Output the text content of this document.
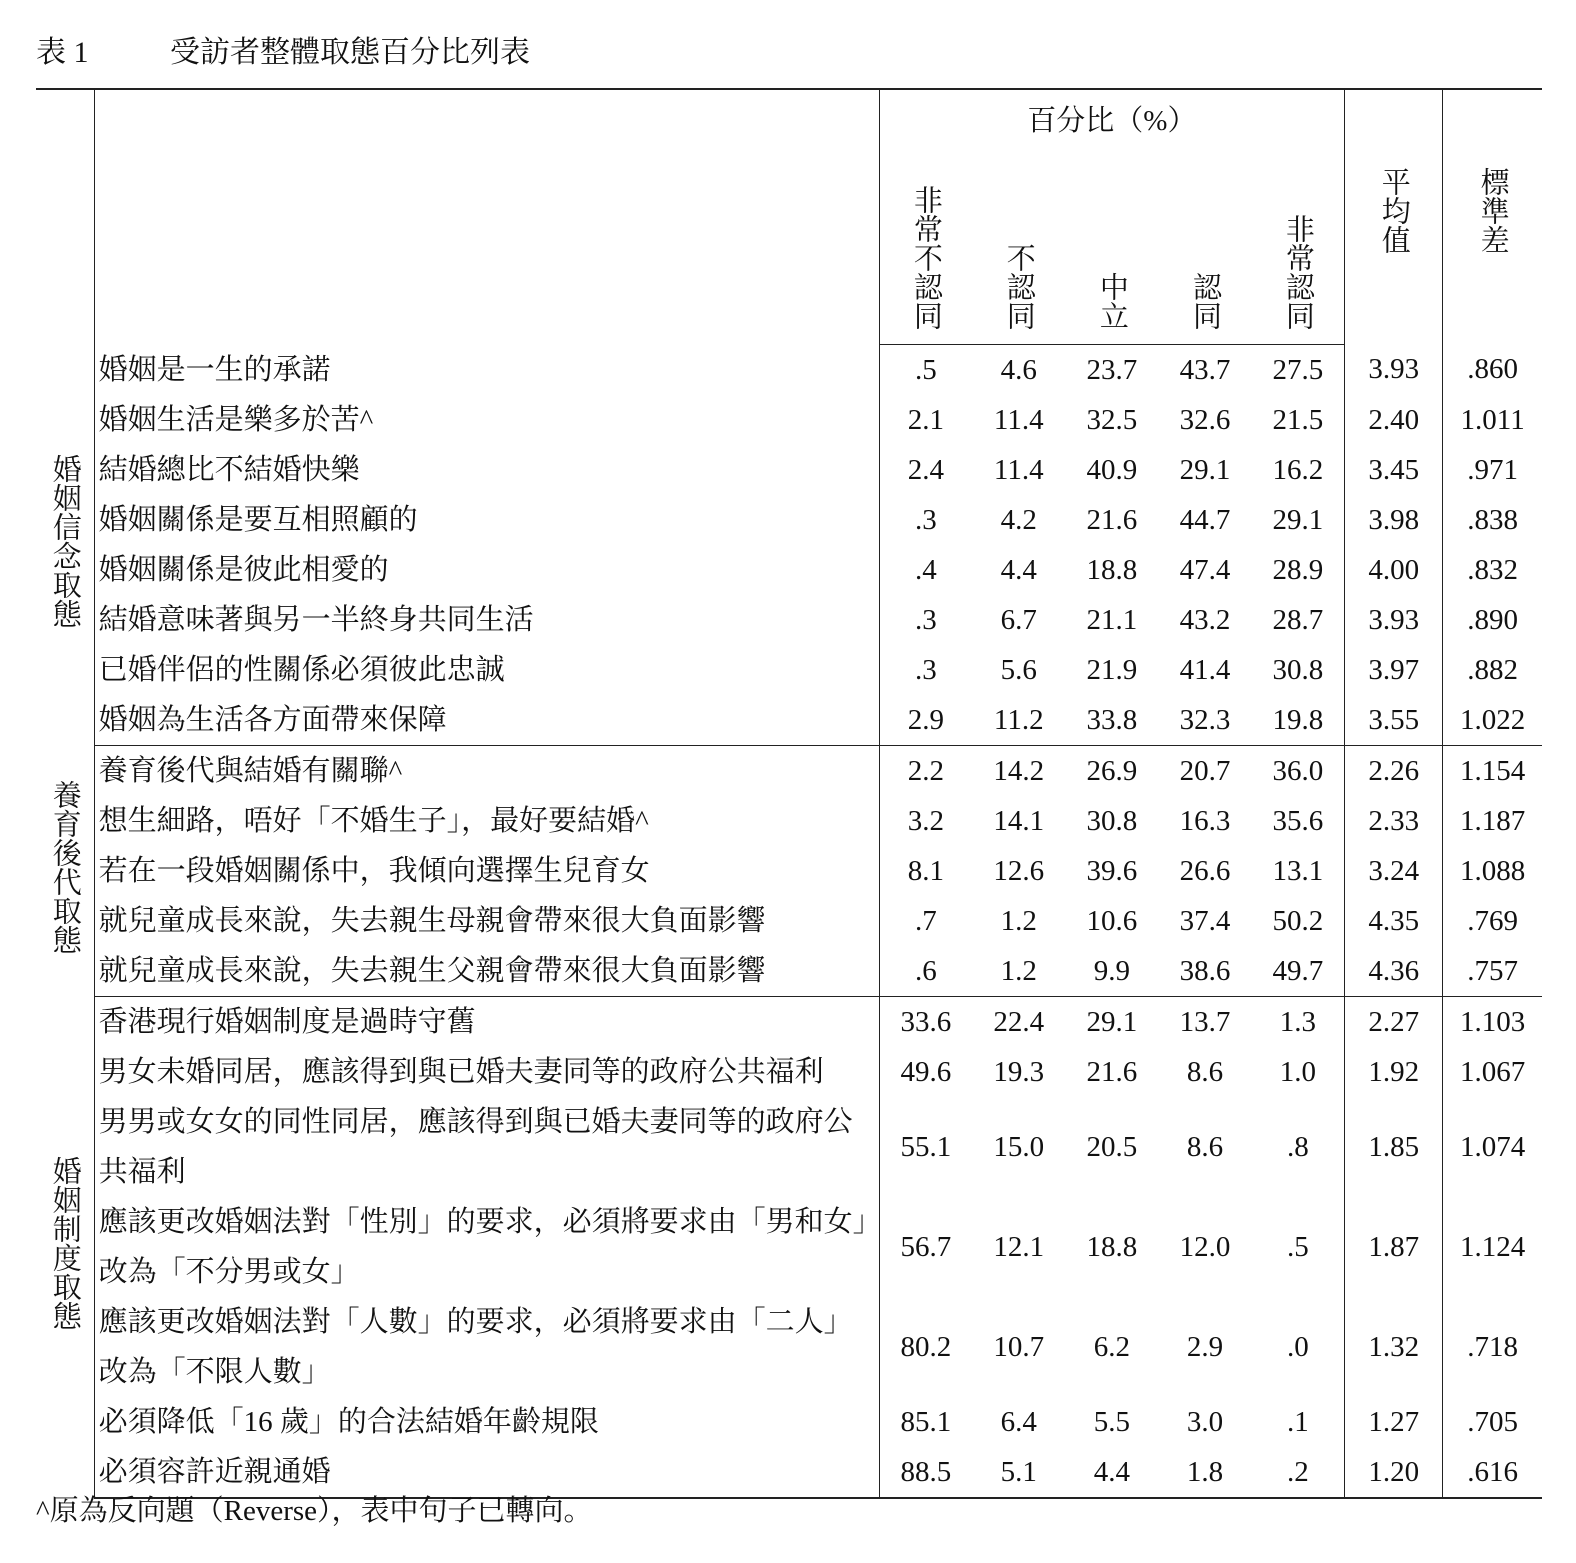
表 1	受訪者整體取態百分比列表
		百分比（%）					平均值	標準差

		非常不認同	不認同	中立	認同	非常認同		

婚姻信念取態	婚姻是一生的承諾	.5	4.6	23.7	43.7	27.5	3.93	.860
	婚姻生活是樂多於苦^	2.1	11.4	32.5	32.6	21.5	2.40	1.011
	結婚總比不結婚快樂	2.4	11.4	40.9	29.1	16.2	3.45	.971
	婚姻關係是要互相照顧的	.3	4.2	21.6	44.7	29.1	3.98	.838
	婚姻關係是彼此相愛的	.4	4.4	18.8	47.4	28.9	4.00	.832
	結婚意味著與另一半終身共同生活	.3	6.7	21.1	43.2	28.7	3.93	.890
	已婚伴侶的性關係必須彼此忠誠	.3	5.6	21.9	41.4	30.8	3.97	.882
	婚姻為生活各方面帶來保障	2.9	11.2	33.8	32.3	19.8	3.55	1.022
養育後代取態	養育後代與結婚有關聯^	2.2	14.2	26.9	20.7	36.0	2.26	1.154
	想生細路，唔好「不婚生子」，最好要結婚^	3.2	14.1	30.8	16.3	35.6	2.33	1.187
	若在一段婚姻關係中，我傾向選擇生兒育女	8.1	12.6	39.6	26.6	13.1	3.24	1.088
	就兒童成長來說，失去親生母親會帶來很大負面影響	.7	1.2	10.6	37.4	50.2	4.35	.769
	就兒童成長來說，失去親生父親會帶來很大負面影響	.6	1.2	9.9	38.6	49.7	4.36	.757
婚姻制度取態	香港現行婚姻制度是過時守舊	33.6	22.4	29.1	13.7	1.3	2.27	1.103
	男女未婚同居，應該得到與已婚夫妻同等的政府公共福利	49.6	19.3	21.6	8.6	1.0	1.92	1.067
	男男或女女的同性同居，應該得到與已婚夫妻同等的政府公共福利	55.1	15.0	20.5	8.6	.8	1.85	1.074
	應該更改婚姻法對「性別」的要求，必須將要求由「男和女」改為「不分男或女」	56.7	12.1	18.8	12.0	.5	1.87	1.124
	應該更改婚姻法對「人數」的要求，必須將要求由「二人」改為「不限人數」	80.2	10.7	6.2	2.9	.0	1.32	.718
	必須降低「16 歲」的合法結婚年齡規限	85.1	6.4	5.5	3.0	.1	1.27	.705
	必須容許近親通婚	88.5	5.1	4.4	1.8	.2	1.20	.616
^原為反向題（Reverse），表中句子已轉向。
